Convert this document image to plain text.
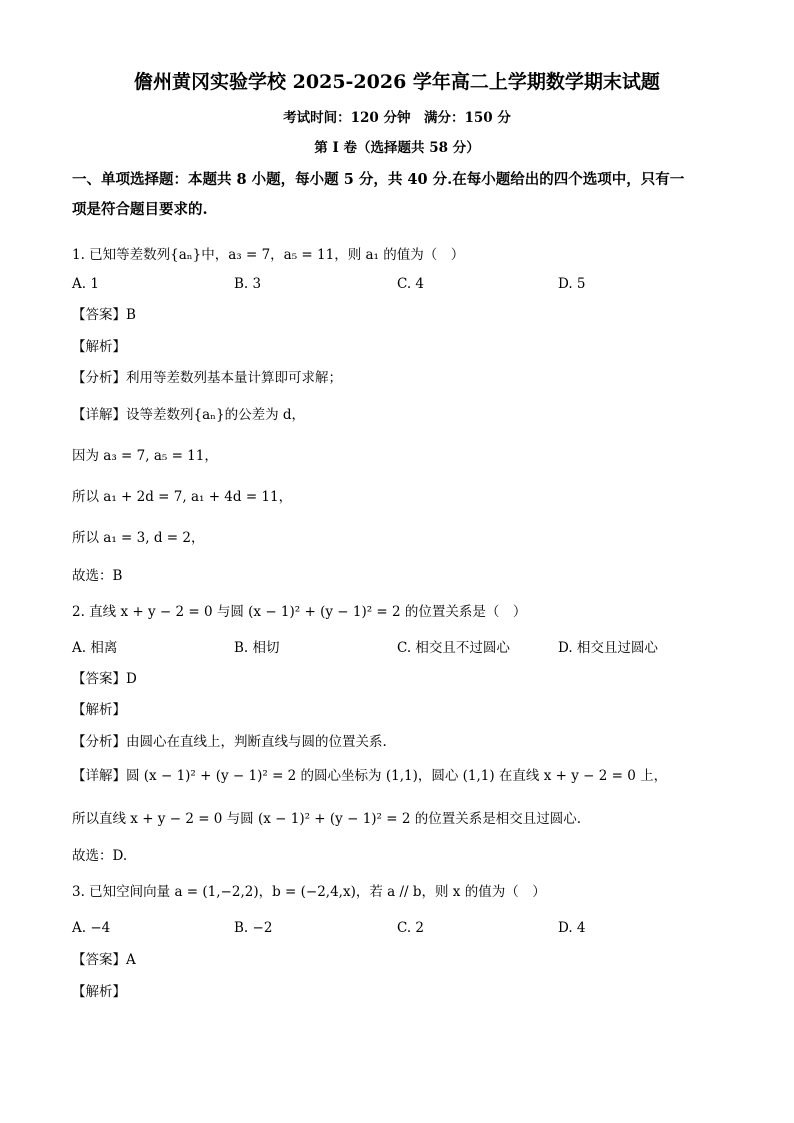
儋州黄冈实验学校 2025-2026 学年高二上学期数学期末试题
考试时间：120 分钟　满分：150 分
第 I 卷（选择题共 58 分）
一、单项选择题：本题共 8 小题，每小题 5 分，共 40 分.在每小题给出的四个选项中，只有一
项是符合题目要求的.
1. 已知等差数列{aₙ}中，a₃ = 7，a₅ = 11，则 a₁ 的值为（　）
A. 1	B. 3	C. 4	D. 5
【答案】B
【解析】
【分析】利用等差数列基本量计算即可求解；
【详解】设等差数列{aₙ}的公差为 d，
因为 a₃ = 7, a₅ = 11，
所以 a₁ + 2d = 7, a₁ + 4d = 11，
所以 a₁ = 3, d = 2，
故选：B
2. 直线 x + y − 2 = 0 与圆 (x − 1)² + (y − 1)² = 2 的位置关系是（　）
A. 相离	B. 相切	C. 相交且不过圆心	D. 相交且过圆心
【答案】D
【解析】
【分析】由圆心在直线上，判断直线与圆的位置关系.
【详解】圆 (x − 1)² + (y − 1)² = 2 的圆心坐标为 (1,1)，圆心 (1,1) 在直线 x + y − 2 = 0 上，
所以直线 x + y − 2 = 0 与圆 (x − 1)² + (y − 1)² = 2 的位置关系是相交且过圆心.
故选：D.
3. 已知空间向量 a = (1,−2,2)，b = (−2,4,x)，若 a // b，则 x 的值为（　）
A. −4	B. −2	C. 2	D. 4
【答案】A
【解析】
